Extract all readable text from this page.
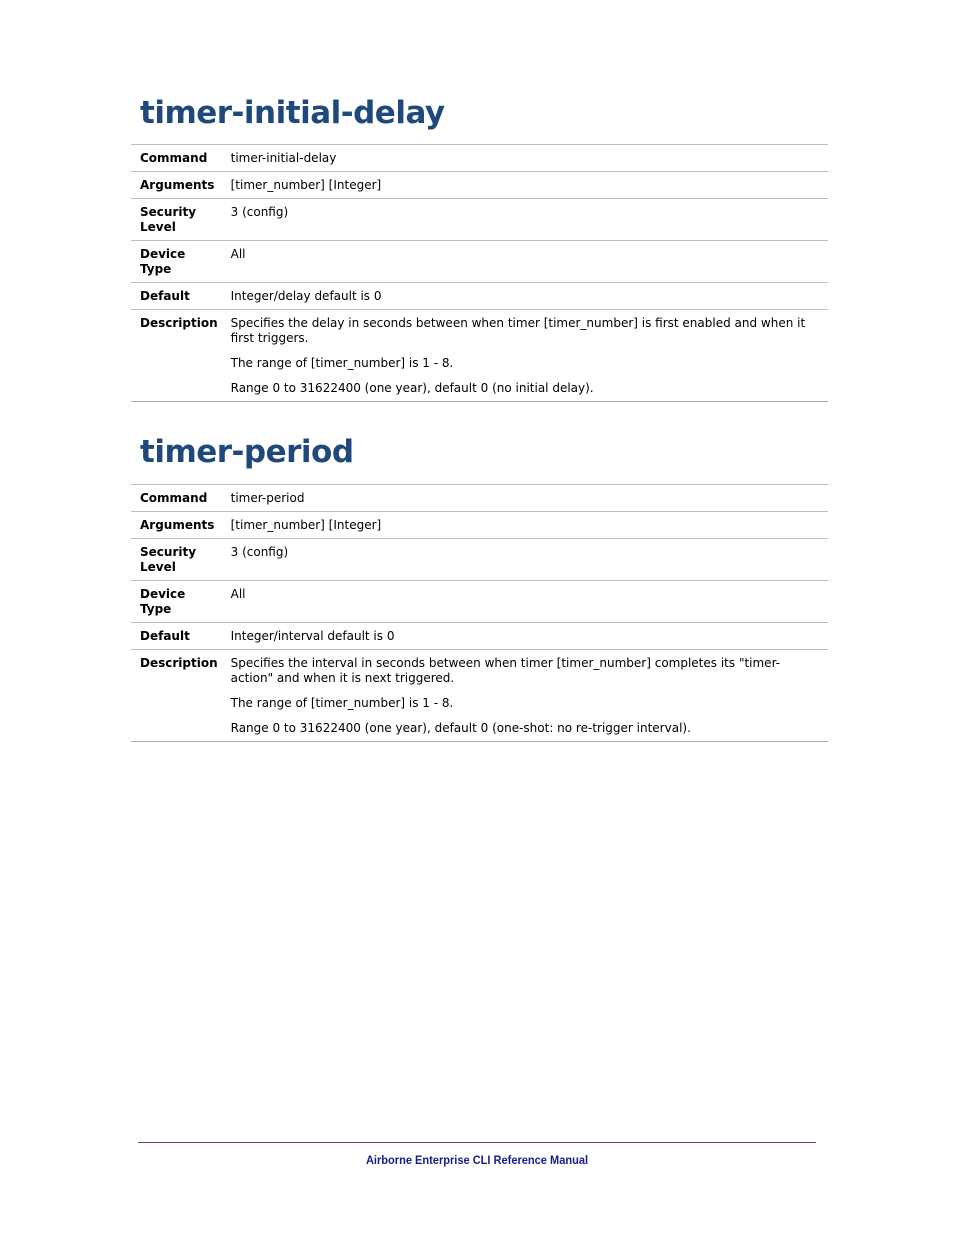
timer-initial-delay
Command	timer-initial-delay

Arguments	[timer_number] [Integer]

Security Level	3 (config)

Device Type	All

Default	Integer/delay default is 0

Description	Specifies the delay in seconds between when timer [timer_number] is first enabled and when it first triggers.

The range of [timer_number] is 1 - 8.

Range 0 to 31622400 (one year), default 0 (no initial delay).

timer-period
Command	timer-period

Arguments	[timer_number] [Integer]

Security Level	3 (config)

Device Type	All

Default	Integer/interval default is 0

Description	Specifies the interval in seconds between when timer [timer_number] completes its "timer-action" and when it is next triggered.

The range of [timer_number] is 1 - 8.

Range 0 to 31622400 (one year), default 0 (one-shot: no re-trigger interval).

Airborne Enterprise CLI Reference Manual
